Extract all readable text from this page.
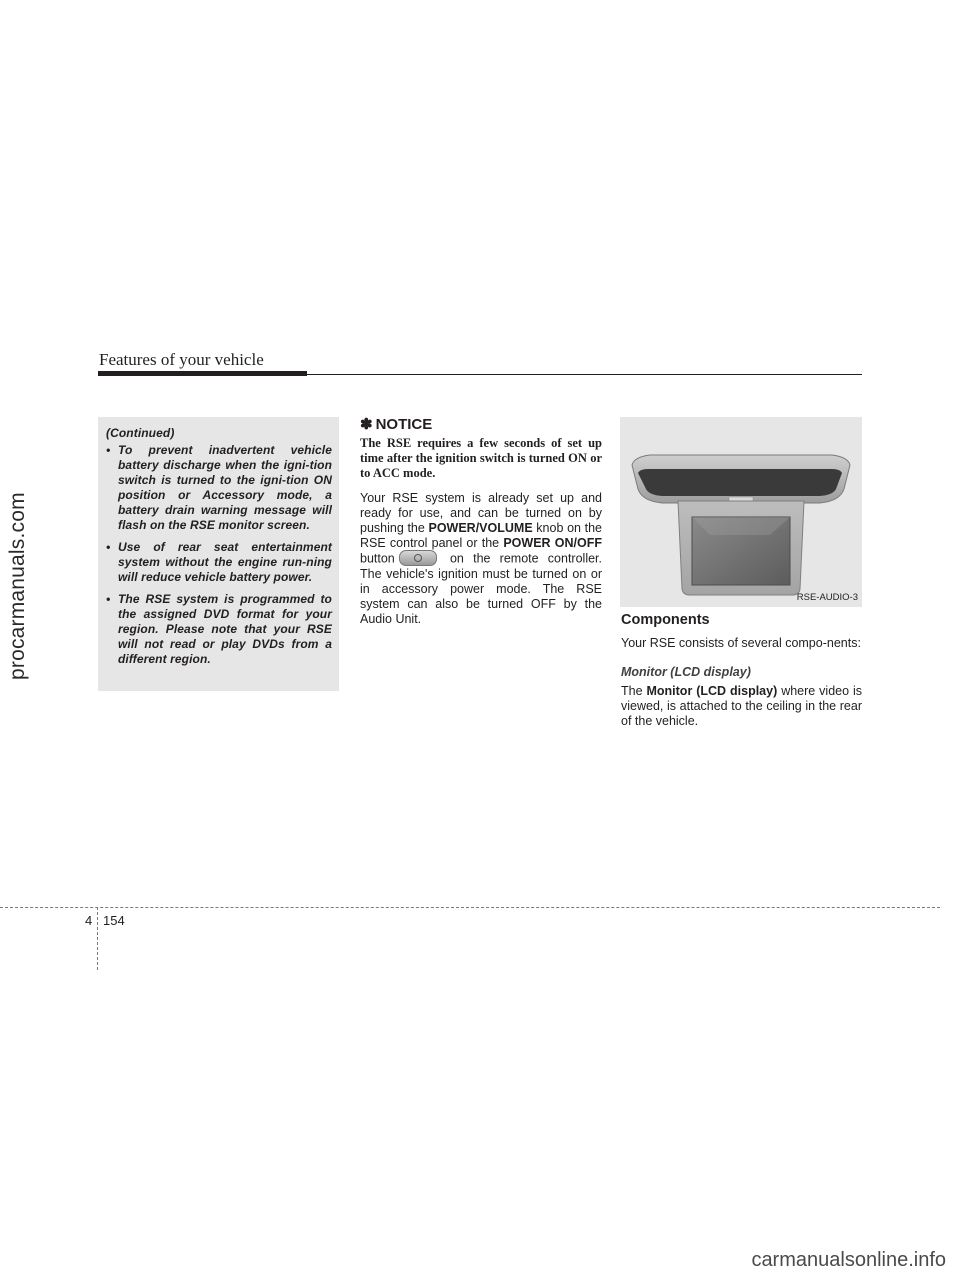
procarmanuals.com
Features of your vehicle
(Continued)
• To prevent inadvertent vehicle battery discharge when the igni-tion switch is turned to the igni-tion ON position or Accessory mode, a battery drain warning message will flash on the RSE monitor screen.
• Use of rear seat entertainment system without the engine run-ning will reduce vehicle battery power.
• The RSE system is programmed to the assigned DVD format for your region. Please note that your RSE will not read or play DVDs from a different region.
✽ NOTICE

The RSE requires a few seconds of set up time after the ignition switch is turned ON or to ACC mode.

Your RSE system is already set up and ready for use, and can be turned on by pushing the POWER/VOLUME knob on the RSE control panel or the POWER ON/OFF button	on the remote controller. The vehicle's ignition must be turned on or in accessory power mode. The RSE system can also be turned OFF by the Audio Unit.

RSE-AUDIO-3
Components

Your RSE consists of several compo-nents:

Monitor (LCD display)

The Monitor (LCD display) where video is viewed, is attached to the ceiling in the rear of the vehicle.

4 154
carmanualsonline.info
